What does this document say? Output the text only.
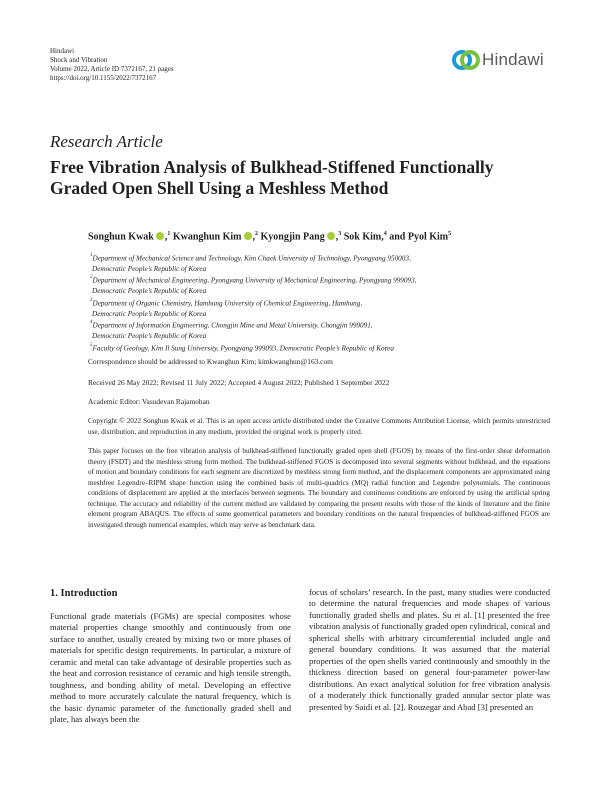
Hindawi
Shock and Vibration
Volume 2022, Article ID 7372167, 21 pages
https://doi.org/10.1155/2022/7372167
Hindawi
Research Article
Free Vibration Analysis of Bulkhead-Stiffened Functionally Graded Open Shell Using a Meshless Method
Songhun Kwak ,$^1$ Kwanghun Kim ,$^2$ Kyongjin Pang ,$^3$ Sok Kim,$^4$ and Pyol Kim$^5$
$^1$Department of Mechanical Science and Technology, Kim Chaek University of Technology, Pyongyang 950003,
Democratic People’s Republic of Korea
$^2$Department of Mechanical Engineering, Pyongyang University of Mechanical Engineering, Pyongyang 999093,
Democratic People’s Republic of Korea
$^3$Department of Organic Chemistry, Hamhung University of Chemical Engineering, Hamhung,
Democratic People’s Republic of Korea
$^4$Department of Information Engineering, Chongjin Mine and Metal University, Chongjin 999091,
Democratic People’s Republic of Korea
$^5$Faculty of Geology, Kim Il Sung University, Pyongyang 999093, Democratic People’s Republic of Korea
Correspondence should be addressed to Kwanghun Kim; kimkwanghun@163.com
Received 26 May 2022; Revised 11 July 2022; Accepted 4 August 2022; Published 1 September 2022
Academic Editor: Vasudevan Rajamohan
Copyright © 2022 Songhun Kwak et al. This is an open access article distributed under the Creative Commons Attribution License, which permits unrestricted use, distribution, and reproduction in any medium, provided the original work is properly cited.
This paper focuses on the free vibration analysis of bulkhead-stiffened functionally graded open shell (FGOS) by means of the first-order shear deformation theory (FSDT) and the meshless strong form method. The bulkhead-stiffened FGOS is decomposed into several segments without bulkhead, and the equations of motion and boundary conditions for each segment are discretized by meshless strong form method, and the displacement components are approximated using meshfree Legendre–RIPM shape function using the combined basis of multi-quadrics (MQ) radial function and Legendre polynomials. The continuous conditions of displacement are applied at the interfaces between segments. The boundary and continuous conditions are enforced by using the artificial spring technique. The accuracy and reliability of the current method are validated by comparing the present results with those of the kinds of literature and the finite element program ABAQUS. The effects of some geometrical parameters and boundary conditions on the natural frequencies of bulkhead-stiffened FGOS are investigated through numerical examples, which may serve as benchmark data.
1. Introduction
Functional grade materials (FGMs) are special composites whose material properties change smoothly and continuously from one surface to another, usually created by mixing two or more phases of materials for specific design requirements. In particular, a mixture of ceramic and metal can take advantage of desirable properties such as the heat and corrosion resistance of ceramic and high tensile strength, toughness, and bonding ability of metal. Developing an effective method to more accurately calculate the natural frequency, which is the basic dynamic parameter of the functionally graded shell and plate, has always been the
focus of scholars’ research. In the past, many studies were conducted to determine the natural frequencies and mode shapes of various functionally graded shells and plates. Su et al. [1] presented the free vibration analysis of functionally graded open cylindrical, conical and spherical shells with arbitrary circumferential included angle and general boundary conditions. It was assumed that the material properties of the open shells varied continuously and smoothly in the thickness direction based on general four-parameter power-law distributions. An exact analytical solution for free vibration analysis of a moderately thick functionally graded annular sector plate was presented by Saidi et al. [2]. Rouzegar and Abad [3] presented an
